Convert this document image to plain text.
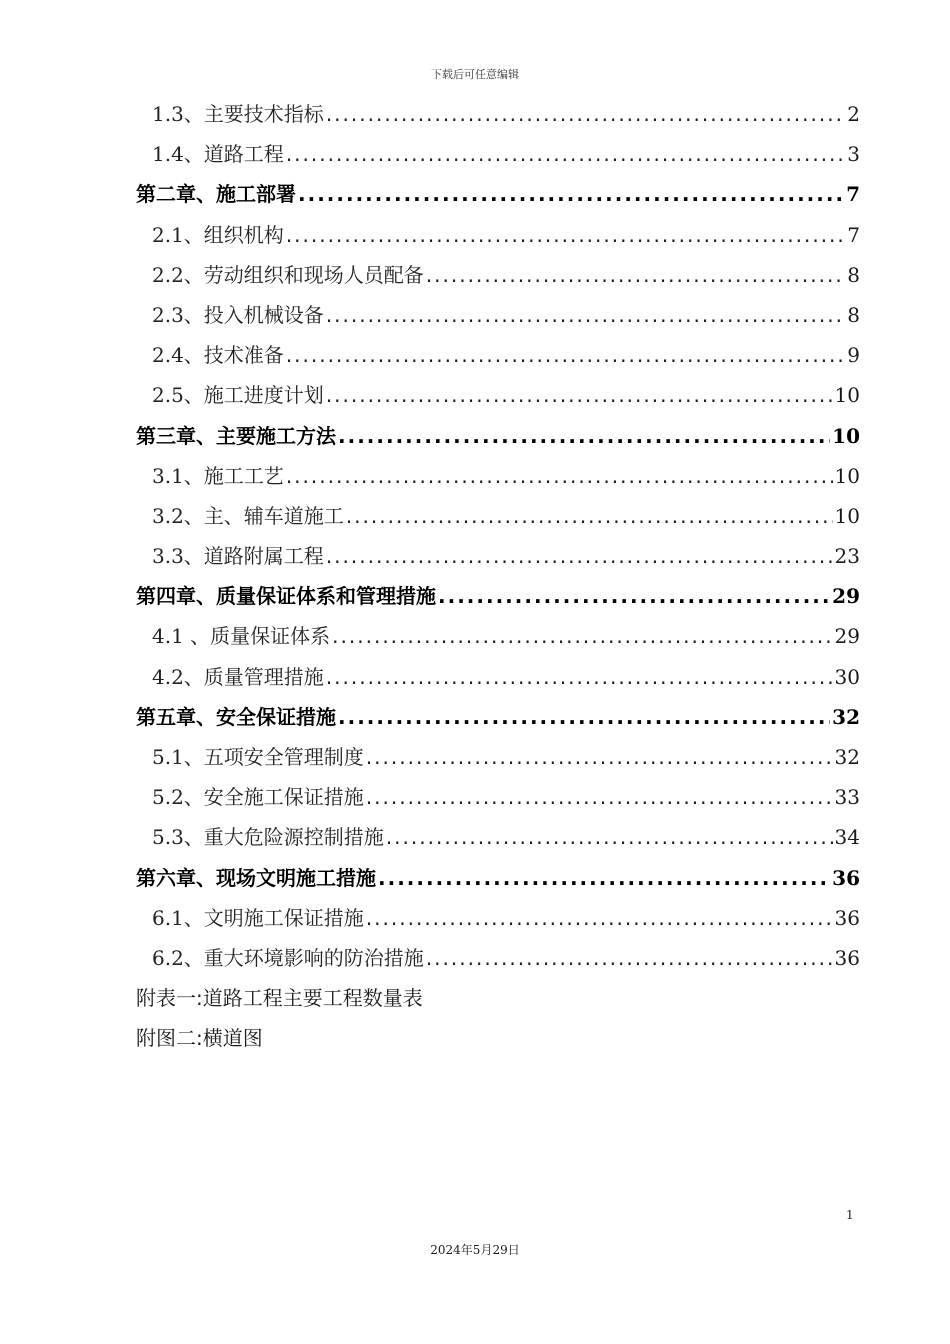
下载后可任意编辑
1.3、主要技术指标 .....	2
1.4、道路工程 .....	3
第二章、施工部署 .....	7
2.1、组织机构 .....	7
2.2、劳动组织和现场人员配备 .....	8
2.3、投入机械设备 .....	8
2.4、技术准备 .....	9
2.5、施工进度计划 .....	10
第三章、主要施工方法 .....	10
3.1、施工工艺 .....	10
3.2、主、辅车道施工 .....	10
3.3、道路附属工程 .....	23
第四章、质量保证体系和管理措施 .....	29
4.1 、质量保证体系 .....	29
4.2、质量管理措施 .....	30
第五章、安全保证措施 .....	32
5.1、五项安全管理制度 .....	32
5.2、安全施工保证措施 .....	33
5.3、重大危险源控制措施 .....	34
第六章、现场文明施工措施 .....	36
6.1、文明施工保证措施 .....	36
6.2、重大环境影响的防治措施 .....	36
附表一:道路工程主要工程数量表
附图二:横道图
1
2024年5月29日
